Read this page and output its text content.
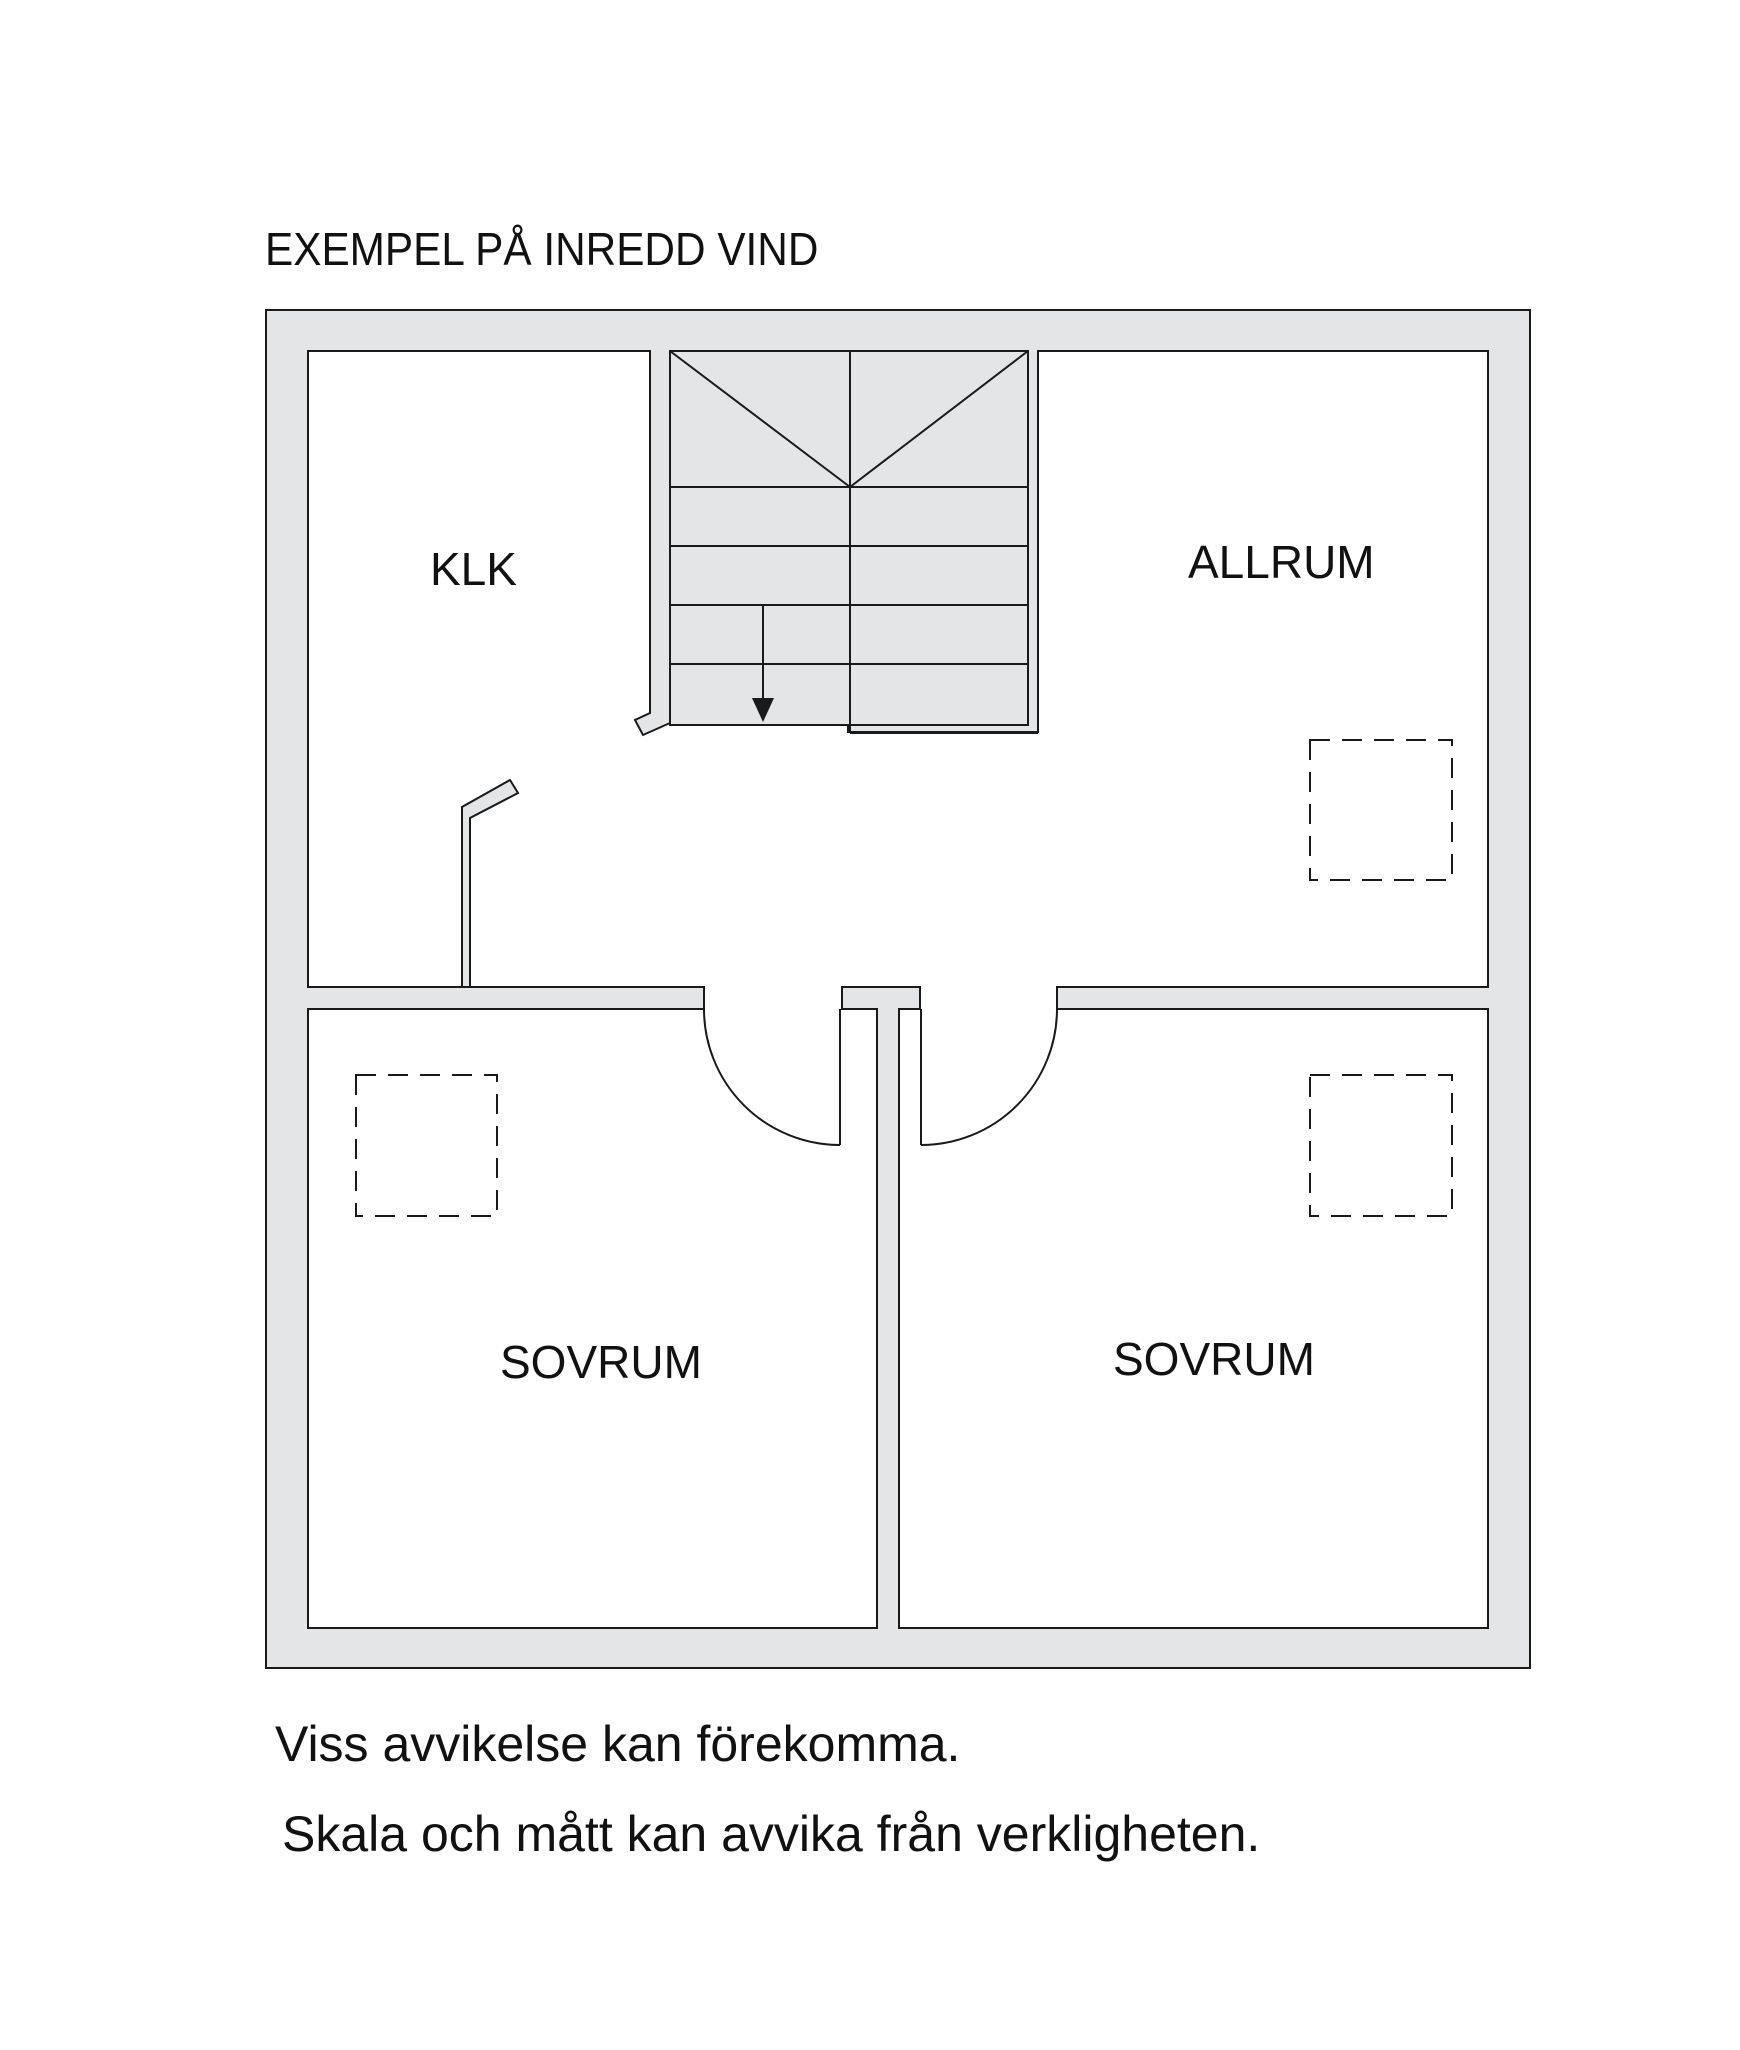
EXEMPEL PÅ INREDD VIND
KLK	ALLRUM
SOVRUM	SOVRUM
Viss avvikelse kan förekomma.
Skala och mått kan avvika från verkligheten.
